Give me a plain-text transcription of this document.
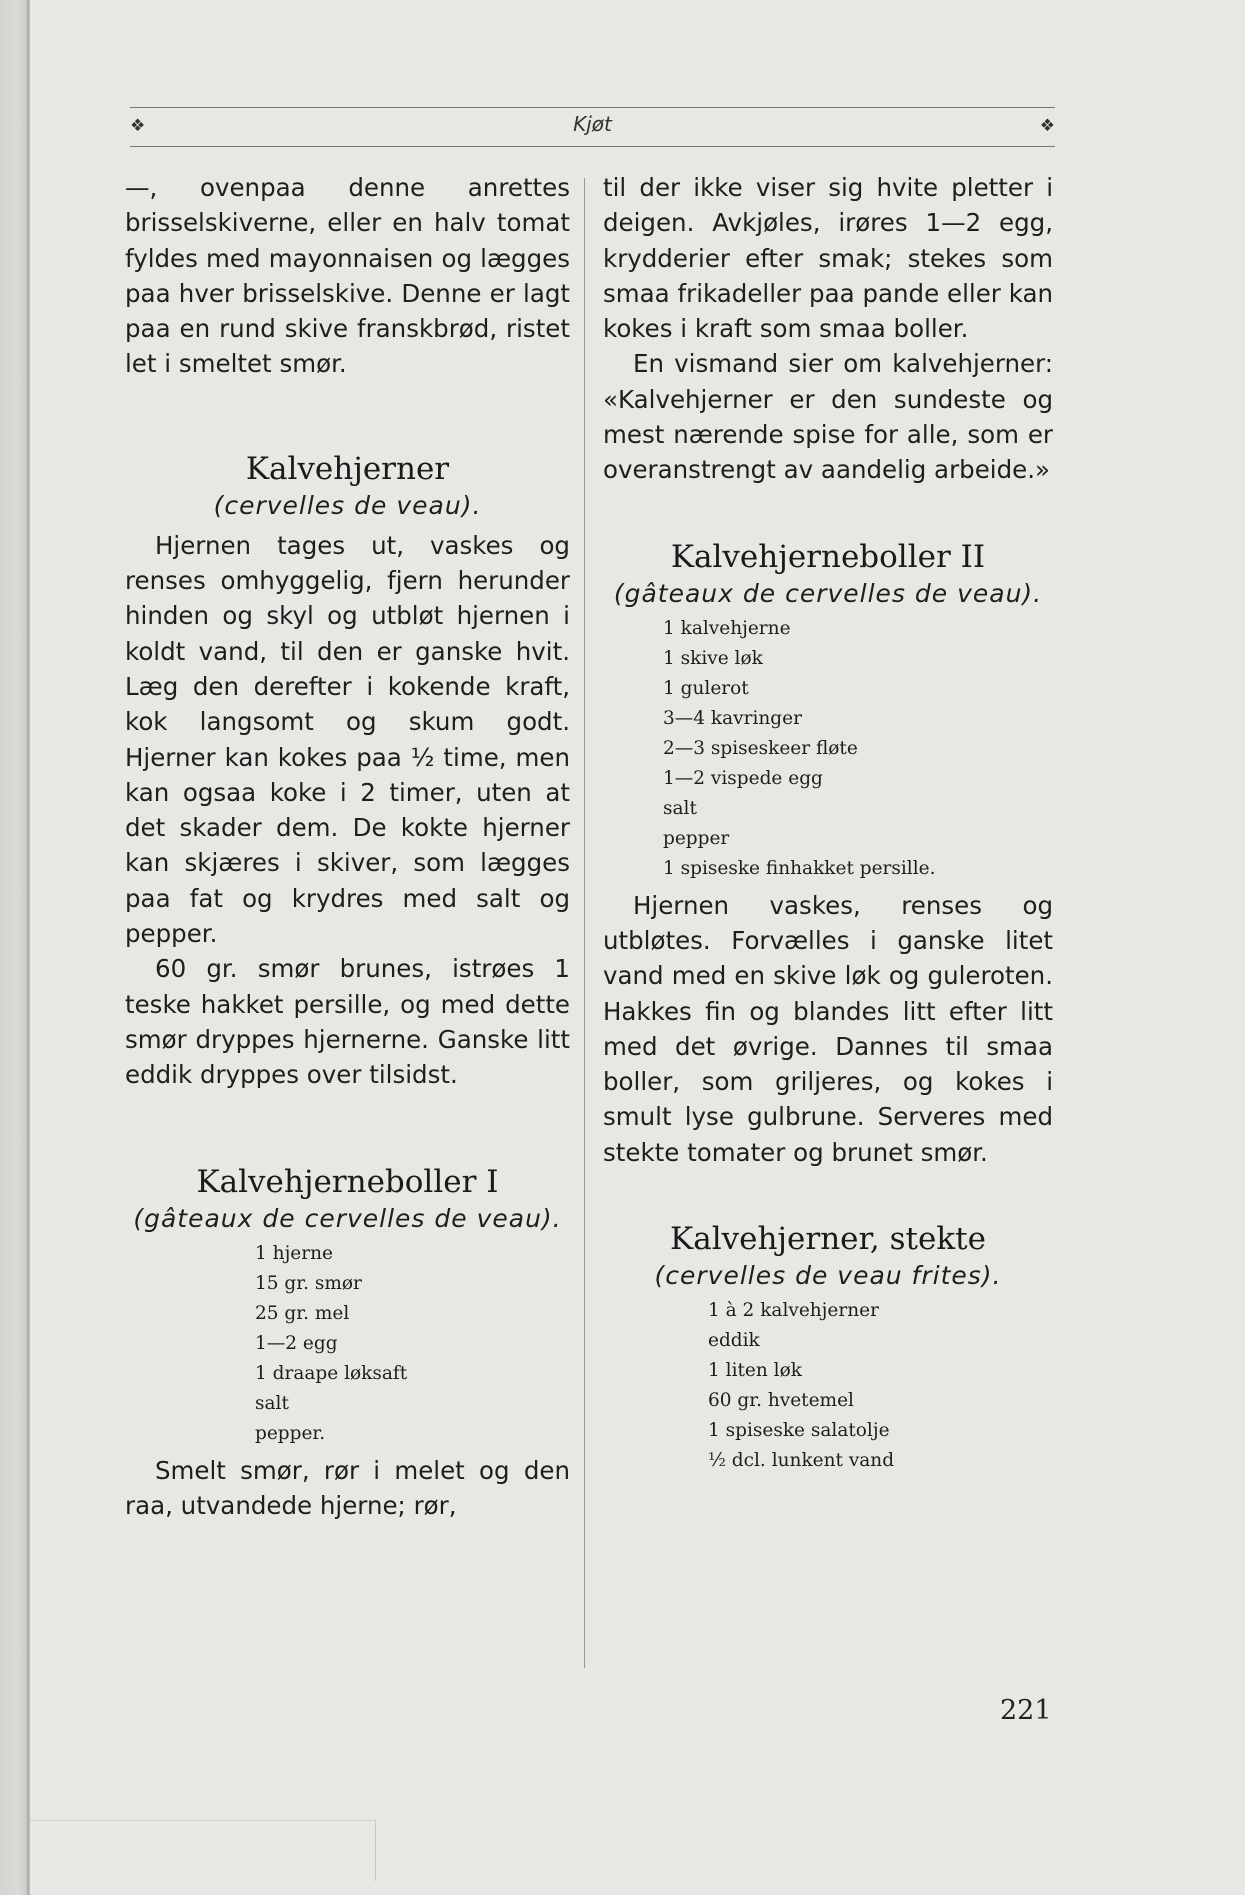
❖	Kjøt	❖

—, ovenpaa denne anrettes brisselskiverne, eller en halv tomat fyldes med mayonnaisen og lægges paa hver brisselskive. Denne er lagt paa en rund skive franskbrød, ristet let i smeltet smør.

Kalvehjerner

(cervelles de veau).

Hjernen tages ut, vaskes og renses omhyggelig, fjern herunder hinden og skyl og utbløt hjernen i koldt vand, til den er ganske hvit. Læg den derefter i kokende kraft, kok langsomt og skum godt. Hjerner kan kokes paa ½ time, men kan ogsaa koke i 2 timer, uten at det skader dem. De kokte hjerner kan skjæres i skiver, som lægges paa fat og krydres med salt og pepper.

60 gr. smør brunes, istrøes 1 teske hakket persille, og med dette smør dryppes hjernerne. Ganske litt eddik dryppes over tilsidst.

Kalvehjerneboller I

(gâteaux de cervelles de veau).

1 hjerne
15 gr. smør
25 gr. mel
1—2 egg
1 draape løksaft
salt
pepper.

Smelt smør, rør i melet og den raa, utvandede hjerne; rør,

til der ikke viser sig hvite pletter i deigen. Avkjøles, irøres 1—2 egg, krydderier efter smak; stekes som smaa frikadeller paa pande eller kan kokes i kraft som smaa boller.

En vismand sier om kalvehjerner: «Kalvehjerner er den sundeste og mest nærende spise for alle, som er overanstrengt av aandelig arbeide.»

Kalvehjerneboller II

(gâteaux de cervelles de veau).

1 kalvehjerne
1 skive løk
1 gulerot
3—4 kavringer
2—3 spiseskeer fløte
1—2 vispede egg
salt
pepper
1 spiseske finhakket persille.

Hjernen vaskes, renses og utbløtes. Forvælles i ganske litet vand med en skive løk og guleroten. Hakkes fin og blandes litt efter litt med det øvrige. Dannes til smaa boller, som griljeres, og kokes i smult lyse gulbrune. Serveres med stekte tomater og brunet smør.

Kalvehjerner, stekte

(cervelles de veau frites).

1 à 2 kalvehjerner
eddik
1 liten løk
60 gr. hvetemel
1 spiseske salatolje
½ dcl. lunkent vand
221
